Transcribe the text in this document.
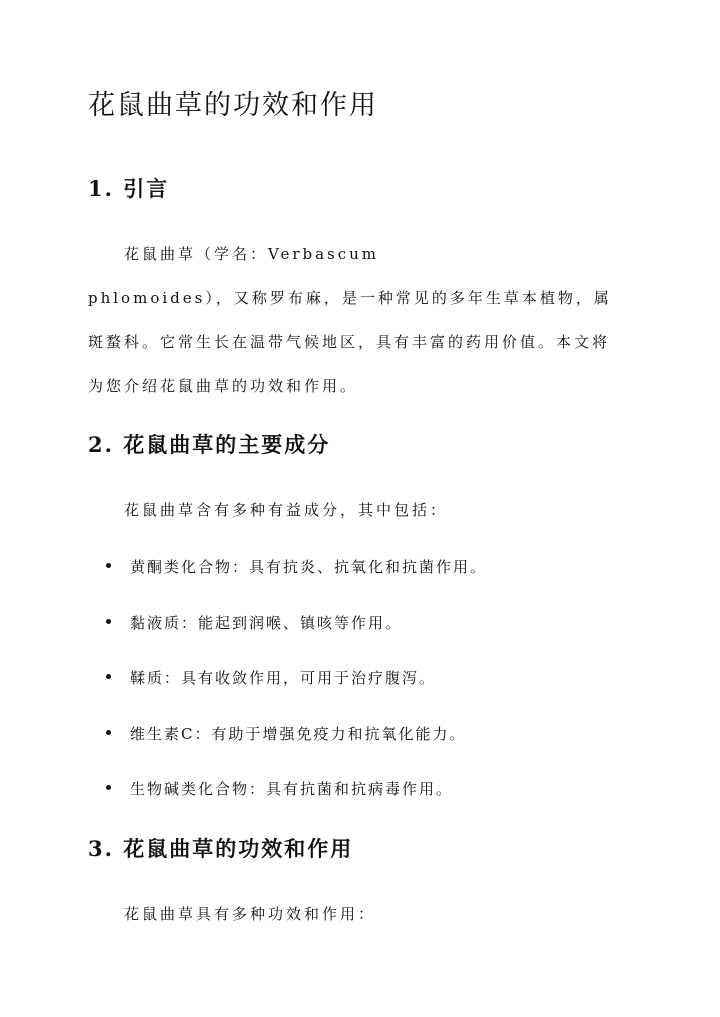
花鼠曲草的功效和作用
1. 引言

花鼠曲草（学名：Verbascum

phlomoides），又称罗布麻，是一种常见的多年生草本植物，属

斑蝥科。它常生长在温带气候地区，具有丰富的药用价值。本文将

为您介绍花鼠曲草的功效和作用。

2. 花鼠曲草的主要成分

花鼠曲草含有多种有益成分，其中包括：

黄酮类化合物：具有抗炎、抗氧化和抗菌作用。
黏液质：能起到润喉、镇咳等作用。
鞣质：具有收敛作用，可用于治疗腹泻。
维生素C：有助于增强免疫力和抗氧化能力。
生物碱类化合物：具有抗菌和抗病毒作用。
3. 花鼠曲草的功效和作用

花鼠曲草具有多种功效和作用：
